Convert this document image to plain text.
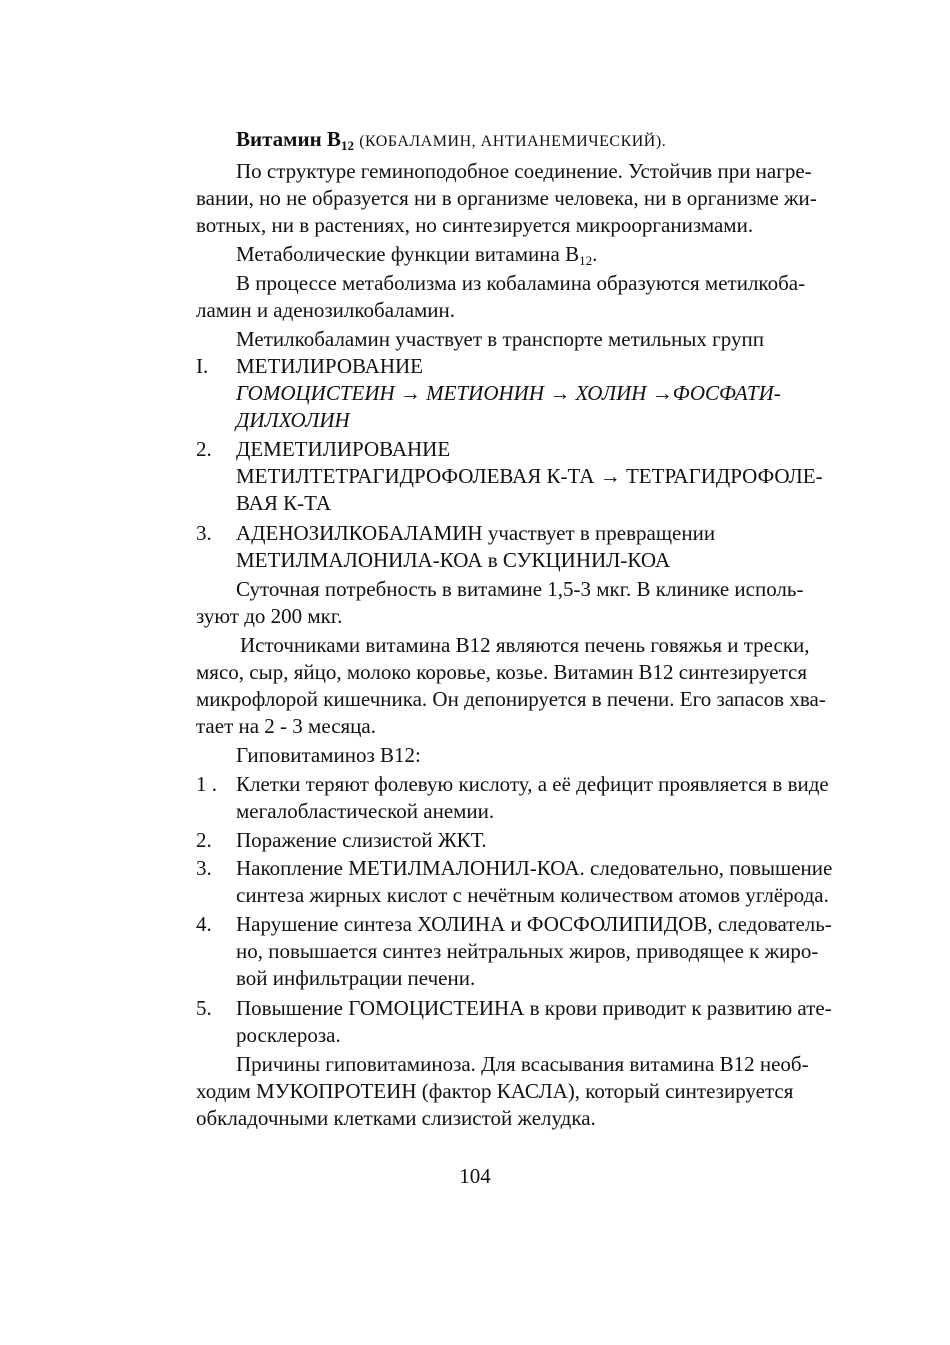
Витамин $B_{12}$ (КОБАЛАМИН, АНТИАНЕМИЧЕСКИЙ).
По структуре геминоподобное соединение. Устойчив при нагре-
вании, но не образуется ни в организме человека, ни в организме жи-
вотных, ни в растениях, но синтезируется микроорганизмами.
Метаболические функции витамина $B_{12}$.
В процессе метаболизма из кобаламина образуются метилкоба-
ламин и аденозилкобаламин.
Метилкобаламин участвует в транспорте метильных групп
I.	МЕТИЛИРОВАНИЕ
ГОМОЦИСТЕИН → МЕТИОНИН → ХОЛИН →ФОСФАТИ-
ДИЛХОЛИН
2.	ДЕМЕТИЛИРОВАНИЕ
МЕТИЛТЕТРАГИДРОФОЛЕВАЯ К-ТА → ТЕТРАГИДРОФОЛЕ-
ВАЯ К-ТА
3.	АДЕНОЗИЛКОБАЛАМИН участвует в превращении
МЕТИЛМАЛОНИЛА-КОА в СУКЦИНИЛ-КОА
Суточная потребность в витамине 1,5-3 мкг. В клинике исполь-
зуют до 200 мкг.
Источниками витамина В12 являются печень говяжья и трески,
мясо, сыр, яйцо, молоко коровье, козье. Витамин В12 синтезируется
микрофлорой кишечника. Он депонируется в печени. Его запасов хва-
тает на 2 - 3 месяца.
Гиповитаминоз В12:
1 . Клетки теряют фолевую кислоту, а её дефицит проявляется в виде
мегалобластической анемии.
2.	Поражение слизистой ЖКТ.
3.	Накопление МЕТИЛМАЛОНИЛ-КОА. следовательно, повышение
синтеза жирных кислот с нечётным количеством атомов углёрода.
4.	Нарушение синтеза ХОЛИНА и ФОСФОЛИПИДОВ, следователь-
но, повышается синтез нейтральных жиров, приводящее к жиро-
вой инфильтрации печени.
5.	Повышение ГОМОЦИСТЕИНА в крови приводит к развитию ате-
росклероза.
Причины гиповитаминоза. Для всасывания витамина В12 необ-
ходим МУКОПРОТЕИН (фактор КАСЛА), который синтезируется
обкладочными клетками слизистой желудка.
104
